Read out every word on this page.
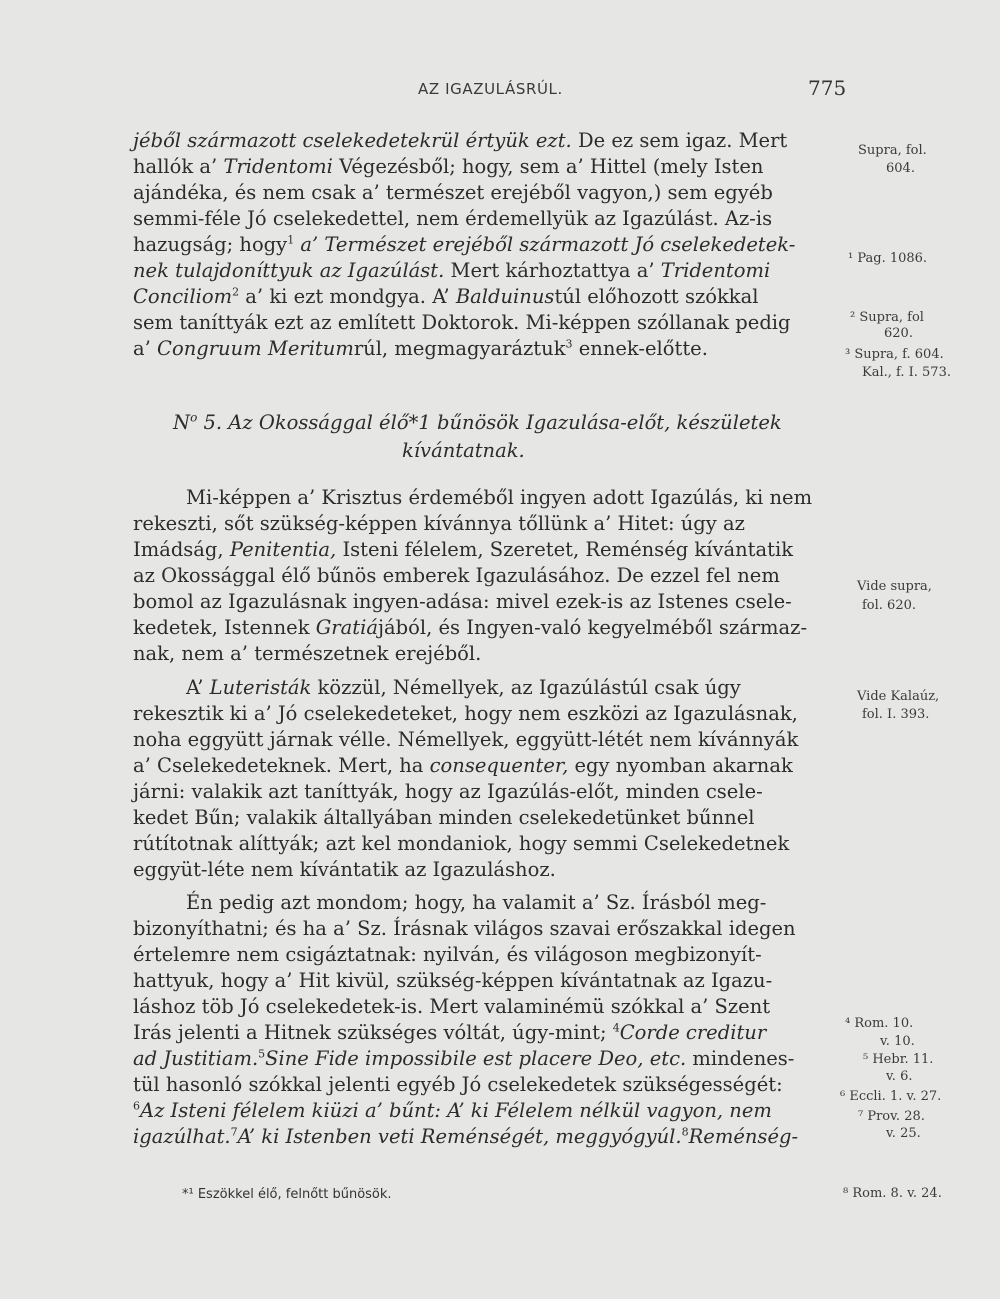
AZ IGAZULÁSRÚL.	775
jéből származott cselekedetekrül értyük ezt. De ez sem igaz. Mert
hallók a’ Tridentomi Végezésből; hogy, sem a’ Hittel (mely Isten
ajándéka, és nem csak a’ természet erejéből vagyon,) sem egyéb
semmi-féle Jó cselekedettel, nem érdemellyük az Igazúlást. Az-is
hazugság; hogy$^1$ a’ Természet erejéből származott Jó cselekedetek-
nek tulajdoníttyuk az Igazúlást. Mert kárhoztattya a’ Tridentomi
Conciliom$^2$ a’ ki ezt mondgya. A’ Balduinustúl előhozott szókkal
sem taníttyák ezt az említett Doktorok. Mi-képpen szóllanak pedig
a’ Congruum Meritumrúl, megmagyaráztuk$^3$ ennek-előtte.
$N^o$ 5. Az Okossággal élő*1 bűnösök Igazulása-előt, készületek
kívántatnak.
Mi-képpen a’ Krisztus érdeméből ingyen adott Igazúlás, ki nem
rekeszti, sőt szükség-képpen kívánnya tőllünk a’ Hitet: úgy az
Imádság, Penitentia, Isteni félelem, Szeretet, Reménség kívántatik
az Okossággal élő bűnös emberek Igazulásához. De ezzel fel nem
bomol az Igazulásnak ingyen-adása: mivel ezek-is az Istenes csele-
kedetek, Istennek Gratiájából, és Ingyen-való kegyelméből származ-
nak, nem a’ természetnek erejéből.
A’ Luteristák közzül, Némellyek, az Igazúlástúl csak úgy
rekesztik ki a’ Jó cselekedeteket, hogy nem eszközi az Igazulásnak,
noha eggyütt járnak vélle. Némellyek, eggyütt-létét nem kívánnyák
a’ Cselekedeteknek. Mert, ha consequenter, egy nyomban akarnak
járni: valakik azt taníttyák, hogy az Igazúlás-előt, minden csele-
kedet Bűn; valakik általlyában minden cselekedetünket bűnnel
rútítotnak alíttyák; azt kel mondaniok, hogy semmi Cselekedetnek
eggyüt-léte nem kívántatik az Igazuláshoz.
Én pedig azt mondom; hogy, ha valamit a’ Sz. Írásból meg-
bizonyíthatni; és ha a’ Sz. Írásnak világos szavai erőszakkal idegen
értelemre nem csigáztatnak: nyilván, és világoson megbizonyít-
hattyuk, hogy a’ Hit kivül, szükség-képpen kívántatnak az Igazu-
láshoz töb Jó cselekedetek-is. Mert valaminémü szókkal a’ Szent
Irás jelenti a Hitnek szükséges vóltát, úgy-mint; $^4$Corde creditur
ad Justitiam.$^5$Sine Fide impossibile est placere Deo, etc. mindenes-
tül hasonló szókkal jelenti egyéb Jó cselekedetek szükségességét:
$^6$Az Isteni félelem kiüzi a’ bűnt: A’ ki Félelem nélkül vagyon, nem
igazúlhat.$^7$A’ ki Istenben veti Reménségét, meggyógyúl.$^8$Reménség-
Supra, fol.
604.
¹ Pag. 1086.
² Supra, fol
620.
³ Supra, f. 604.
Kal., f. I. 573.
Vide supra,
fol. 620.
Vide Kalaúz,
fol. I. 393.
⁴ Rom. 10.
v. 10.
⁵ Hebr. 11.
v. 6.
⁶ Eccli. 1. v. 27.
⁷ Prov. 28.
v. 25.
⁸ Rom. 8. v. 24.
*¹ Eszökkel élő, felnőtt bűnösök.
